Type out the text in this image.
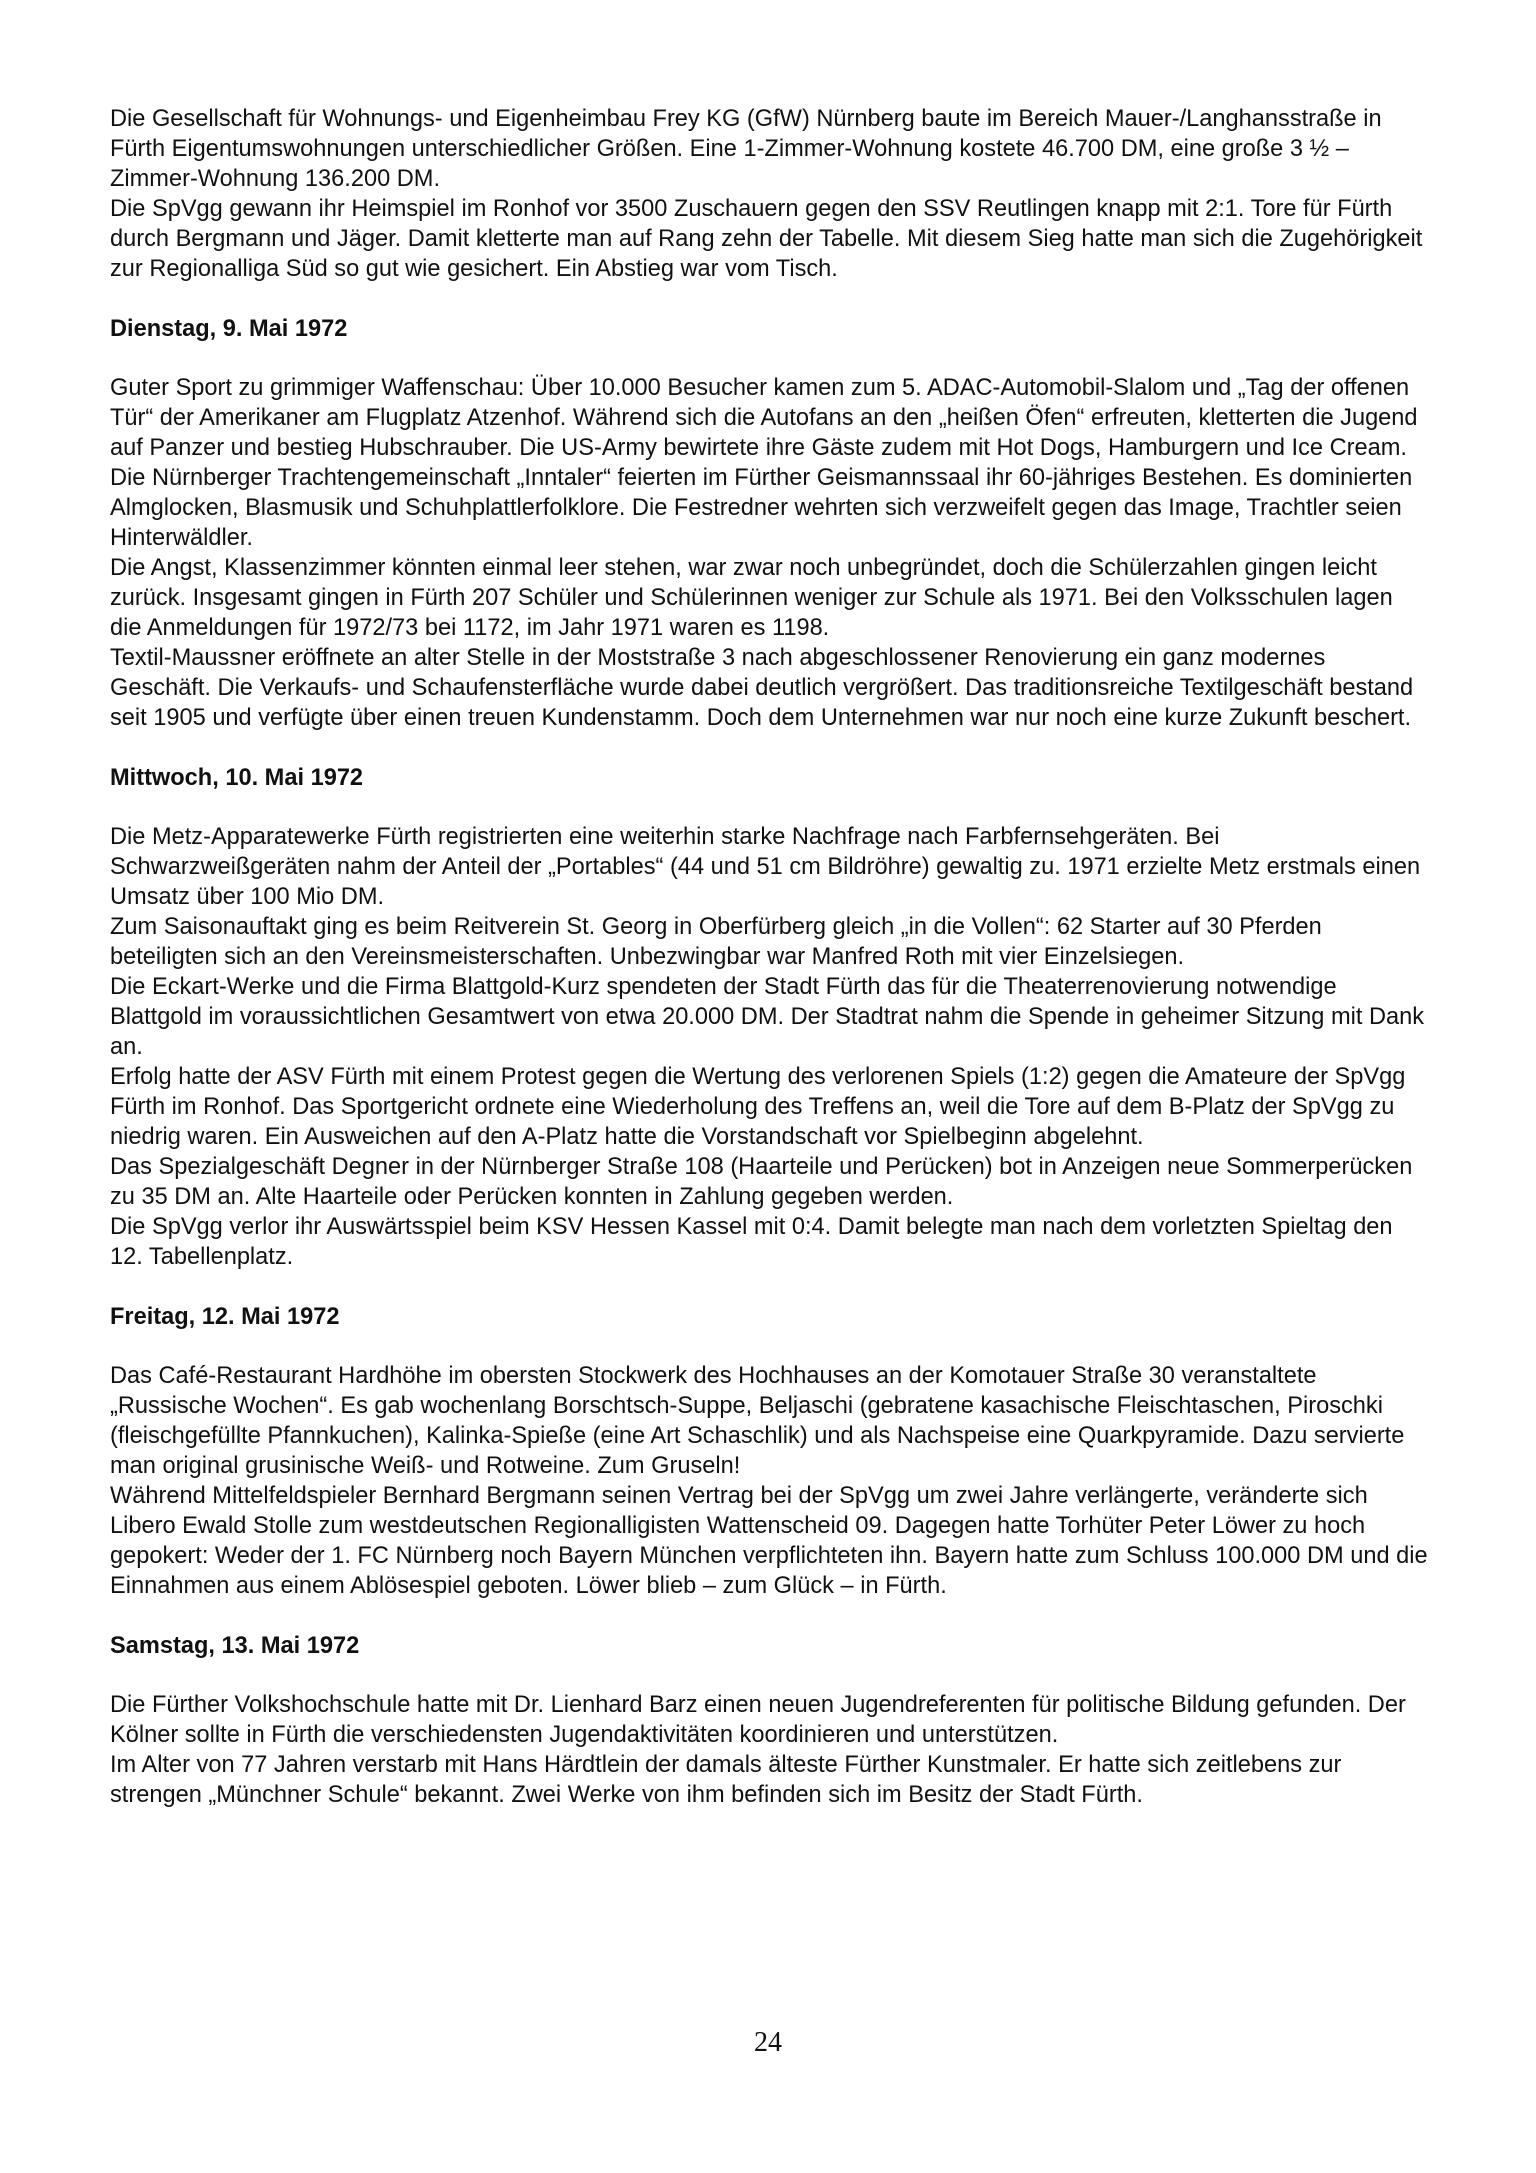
Die Gesellschaft für Wohnungs- und Eigenheimbau Frey KG (GfW) Nürnberg baute im Bereich Mauer-/Langhansstraße in Fürth Eigentumswohnungen unterschiedlicher Größen. Eine 1-Zimmer-Wohnung kostete 46.700 DM, eine große 3 ½ – Zimmer-Wohnung 136.200 DM.

Die SpVgg gewann ihr Heimspiel im Ronhof vor 3500 Zuschauern gegen den SSV Reutlingen knapp mit 2:1. Tore für Fürth durch Bergmann und Jäger. Damit kletterte man auf Rang zehn der Tabelle. Mit diesem Sieg hatte man sich die Zugehörigkeit zur Regionalliga Süd so gut wie gesichert. Ein Abstieg war vom Tisch.

Dienstag, 9. Mai 1972

Guter Sport zu grimmiger Waffenschau: Über 10.000 Besucher kamen zum 5. ADAC-Automobil-Slalom und „Tag der offenen Tür“ der Amerikaner am Flugplatz Atzenhof. Während sich die Autofans an den „heißen Öfen“ erfreuten, kletterten die Jugend auf Panzer und bestieg Hubschrauber. Die US-Army bewirtete ihre Gäste zudem mit Hot Dogs, Hamburgern und Ice Cream.

Die Nürnberger Trachtengemeinschaft „Inntaler“ feierten im Fürther Geismannssaal ihr 60-jähriges Bestehen. Es dominierten Almglocken, Blasmusik und Schuhplattlerfolklore. Die Festredner wehrten sich verzweifelt gegen das Image, Trachtler seien Hinterwäldler.

Die Angst, Klassenzimmer könnten einmal leer stehen, war zwar noch unbegründet, doch die Schülerzahlen gingen leicht zurück. Insgesamt gingen in Fürth 207 Schüler und Schülerinnen weniger zur Schule als 1971. Bei den Volksschulen lagen die Anmeldungen für 1972/73 bei 1172, im Jahr 1971 waren es 1198.

Textil-Maussner eröffnete an alter Stelle in der Moststraße 3 nach abgeschlossener Renovierung ein ganz modernes Geschäft. Die Verkaufs- und Schaufensterfläche wurde dabei deutlich vergrößert. Das traditionsreiche Textilgeschäft bestand seit 1905 und verfügte über einen treuen Kundenstamm. Doch dem Unternehmen war nur noch eine kurze Zukunft beschert.

Mittwoch, 10. Mai 1972

Die Metz-Apparatewerke Fürth registrierten eine weiterhin starke Nachfrage nach Farbfernsehgeräten. Bei Schwarzweißgeräten nahm der Anteil der „Portables“ (44 und 51 cm Bildröhre) gewaltig zu. 1971 erzielte Metz erstmals einen Umsatz über 100 Mio DM.

Zum Saisonauftakt ging es beim Reitverein St. Georg in Oberfürberg gleich „in die Vollen“: 62 Starter auf 30 Pferden beteiligten sich an den Vereinsmeisterschaften. Unbezwingbar war Manfred Roth mit vier Einzelsiegen.

Die Eckart-Werke und die Firma Blattgold-Kurz spendeten der Stadt Fürth das für die Theaterrenovierung notwendige Blattgold im voraussichtlichen Gesamtwert von etwa 20.000 DM. Der Stadtrat nahm die Spende in geheimer Sitzung mit Dank an.

Erfolg hatte der ASV Fürth mit einem Protest gegen die Wertung des verlorenen Spiels (1:2) gegen die Amateure der SpVgg Fürth im Ronhof. Das Sportgericht ordnete eine Wiederholung des Treffens an, weil die Tore auf dem B-Platz der SpVgg zu niedrig waren. Ein Ausweichen auf den A-Platz hatte die Vorstandschaft vor Spielbeginn abgelehnt.

Das Spezialgeschäft Degner in der Nürnberger Straße 108 (Haarteile und Perücken) bot in Anzeigen neue Sommerperücken zu 35 DM an. Alte Haarteile oder Perücken konnten in Zahlung gegeben werden.

Die SpVgg verlor ihr Auswärtsspiel beim KSV Hessen Kassel mit 0:4. Damit belegte man nach dem vorletzten Spieltag den 12. Tabellenplatz.

Freitag, 12. Mai 1972

Das Café-Restaurant Hardhöhe im obersten Stockwerk des Hochhauses an der Komotauer Straße 30 veranstaltete „Russische Wochen“. Es gab wochenlang Borschtsch-Suppe, Beljaschi (gebratene kasachische Fleischtaschen, Piroschki (fleischgefüllte Pfannkuchen), Kalinka-Spieße (eine Art Schaschlik) und als Nachspeise eine Quarkpyramide. Dazu servierte man original grusinische Weiß- und Rotweine. Zum Gruseln!

Während Mittelfeldspieler Bernhard Bergmann seinen Vertrag bei der SpVgg um zwei Jahre verlängerte, veränderte sich Libero Ewald Stolle zum westdeutschen Regionalligisten Wattenscheid 09. Dagegen hatte Torhüter Peter Löwer zu hoch gepokert: Weder der 1. FC Nürnberg noch Bayern München verpflichteten ihn. Bayern hatte zum Schluss 100.000 DM und die Einnahmen aus einem Ablösespiel geboten. Löwer blieb – zum Glück – in Fürth.

Samstag, 13. Mai 1972

Die Fürther Volkshochschule hatte mit Dr. Lienhard Barz einen neuen Jugendreferenten für politische Bildung gefunden. Der Kölner sollte in Fürth die verschiedensten Jugendaktivitäten koordinieren und unterstützen.

Im Alter von 77 Jahren verstarb mit Hans Härdtlein der damals älteste Fürther Kunstmaler. Er hatte sich zeitlebens zur strengen „Münchner Schule“ bekannt. Zwei Werke von ihm befinden sich im Besitz der Stadt Fürth.

24
